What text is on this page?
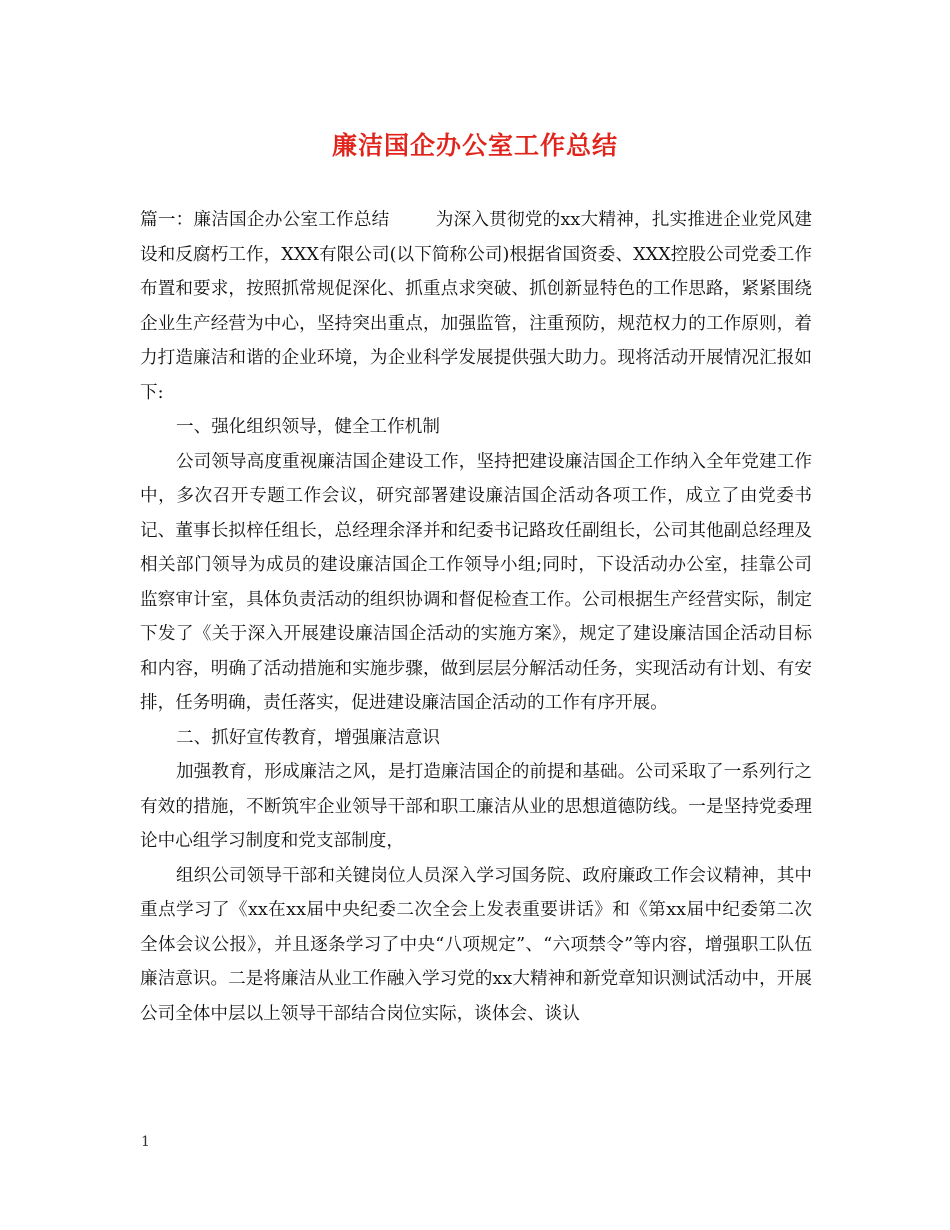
廉洁国企办公室工作总结

篇一：廉洁国企办公室工作总结	为深入贯彻党的xx大精神，扎实推进企业党风建设和反腐朽工作，XXX有限公司(以下简称公司)根据省国资委、XXX控股公司党委工作布置和要求，按照抓常规促深化、抓重点求突破、抓创新显特色的工作思路，紧紧围绕企业生产经营为中心，坚持突出重点，加强监管，注重预防，规范权力的工作原则，着力打造廉洁和谐的企业环境，为企业科学发展提供强大助力。现将活动开展情况汇报如下:

一、强化组织领导，健全工作机制

公司领导高度重视廉洁国企建设工作，坚持把建设廉洁国企工作纳入全年党建工作中，多次召开专题工作会议，研究部署建设廉洁国企活动各项工作，成立了由党委书记、董事长拟梓任组长，总经理余泽并和纪委书记路玫任副组长，公司其他副总经理及相关部门领导为成员的建设廉洁国企工作领导小组;同时，下设活动办公室，挂靠公司监察审计室，具体负责活动的组织协调和督促检查工作。公司根据生产经营实际，制定下发了《关于深入开展建设廉洁国企活动的实施方案》，规定了建设廉洁国企活动目标和内容，明确了活动措施和实施步骤，做到层层分解活动任务，实现活动有计划、有安排，任务明确，责任落实，促进建设廉洁国企活动的工作有序开展。

二、抓好宣传教育，增强廉洁意识

加强教育，形成廉洁之风，是打造廉洁国企的前提和基础。公司采取了一系列行之有效的措施，不断筑牢企业领导干部和职工廉洁从业的思想道德防线。一是坚持党委理论中心组学习制度和党支部制度，

组织公司领导干部和关键岗位人员深入学习国务院、政府廉政工作会议精神，其中重点学习了《xx在xx届中央纪委二次全会上发表重要讲话》和《第xx届中纪委第二次全体会议公报》，并且逐条学习了中央“八项规定”、“六项禁令”等内容，增强职工队伍廉洁意识。二是将廉洁从业工作融入学习党的xx大精神和新党章知识测试活动中，开展公司全体中层以上领导干部结合岗位实际，谈体会、谈认

1
